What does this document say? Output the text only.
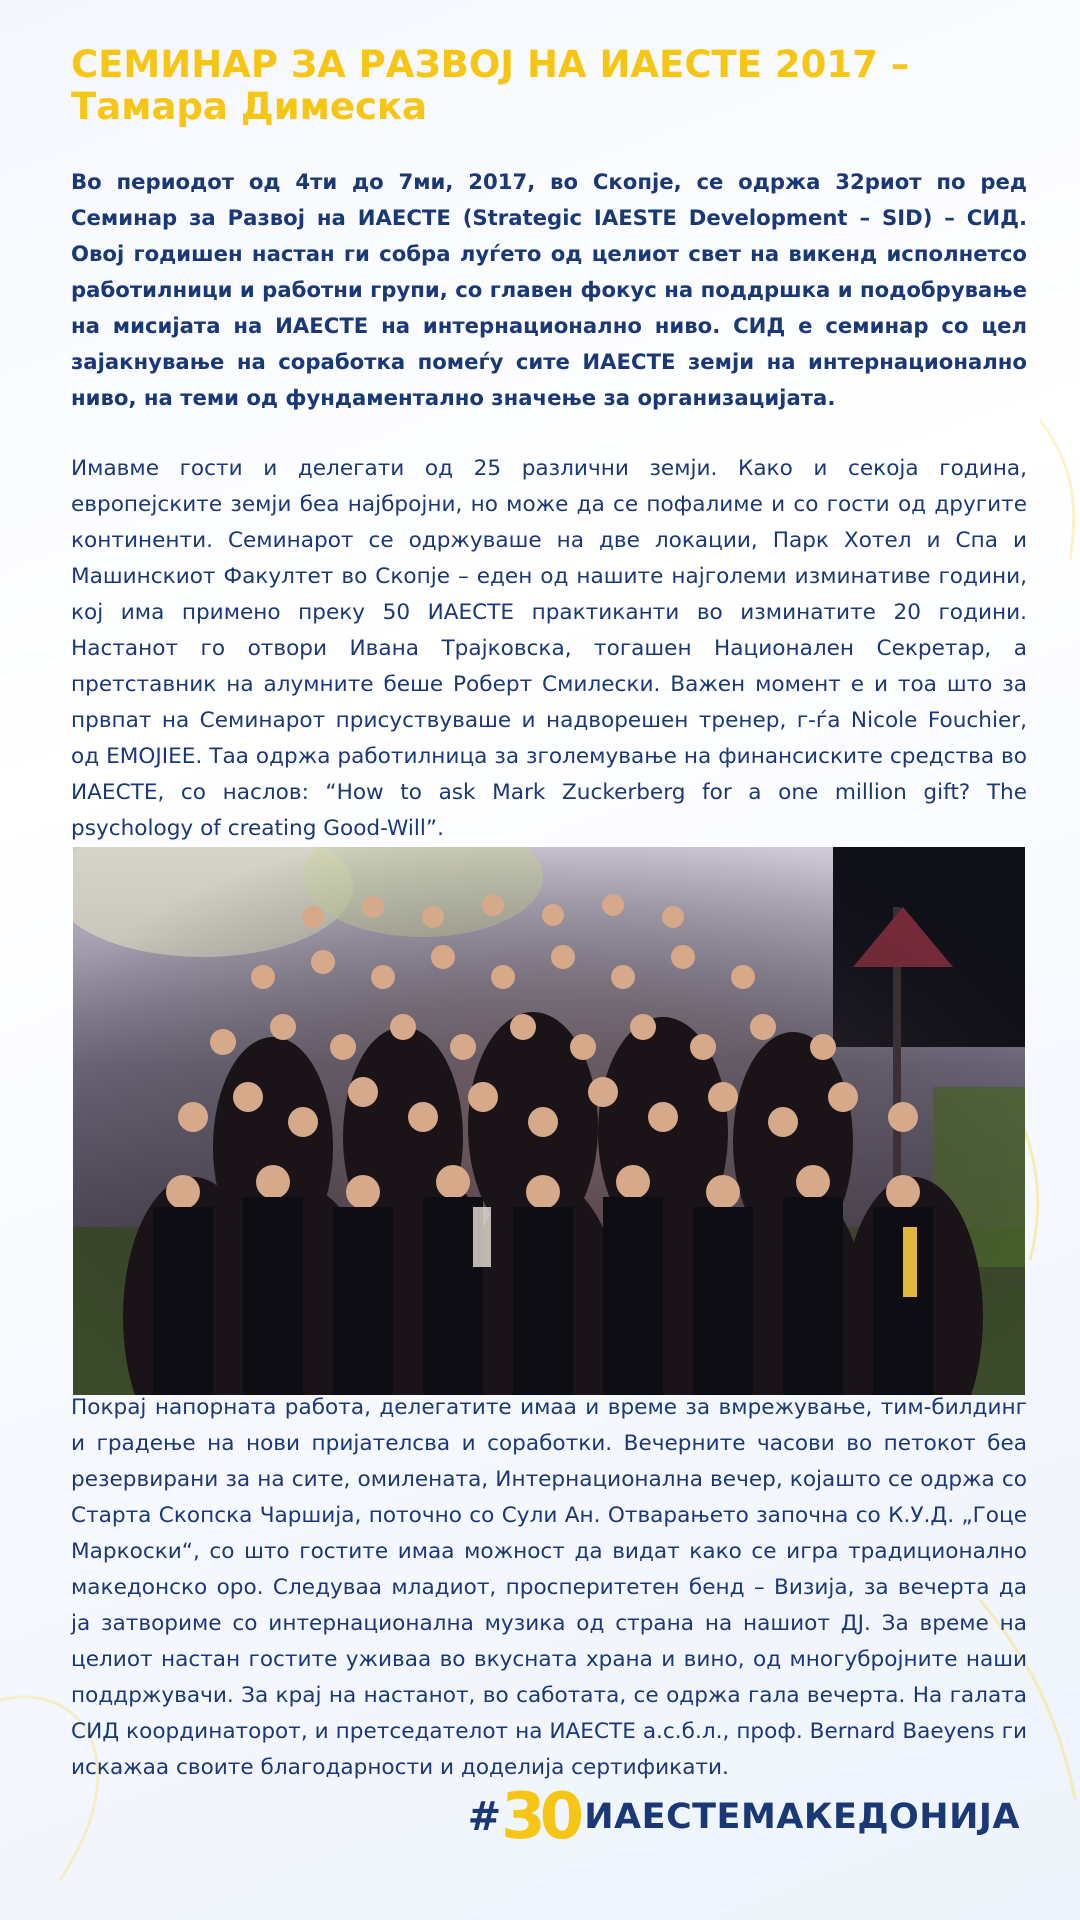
СЕМИНАР ЗА РАЗВОЈ НА ИАЕСТЕ 2017 – Тамара Димеска

Во периодот од 4ти до 7ми, 2017, во Скопје, се одржа 32риот по ред Семинар за Развој на ИАЕСТЕ (Strategic IAESTE Development – SID) – СИД. Овој годишен настан ги собра луѓето од целиот свет на викенд исполнетсо работилници и работни групи, со главен фокус на поддршка и подобрување на мисијата на ИАЕСТЕ на интернационално ниво. СИД е семинар со цел зајакнување на соработка помеѓу сите ИАЕСТЕ земји на интернационално ниво, на теми од фундаментално значење за организацијата.

Имавме гости и делегати од 25 различни земји. Како и секоја година, европејските земји беа најбројни, но може да се пофалиме и со гости од другите континенти. Семинарот се одржуваше на две локации, Парк Хотел и Спа и Машинскиот Факултет во Скопје – еден од нашите најголеми изминативе години, кој има примено преку 50 ИАЕСТЕ практиканти во изминатите 20 години. Настанот го отвори Ивана Трајковска, тогашен Национален Секретар, а претставник на алумните беше Роберт Смилески. Важен момент е и тоа што за првпат на Семинарот присуствуваше и надворешен тренер, г-ѓа Nicole Fouchier, од EMOJIEE. Таа одржа работилница за зголемување на финансиските средства во ИАЕСТЕ, со наслов: “How to ask Mark Zuckerberg for a one million gift? The psychology of creating Good-Will”.

Покрај напорната работа, делегатите имаа и време за вмрежување, тим-билдинг и градење на нови пријателсва и соработки. Вечерните часови во петокот беа резервирани за на сите, омилената, Интернационална вечер, којашто се одржа со Старта Скопска Чаршија, поточно со Сули Ан. Отварањето започна со К.У.Д. „Гоце Маркоски“, со што гостите имаа можност да видат како се игра традиционално македонско оро. Следуваа младиот, просперитетен бенд – Визија, за вечерта да ја затвориме со интернационална музика од страна на нашиот ДЈ. За време на целиот настан гостите уживаа во вкусната храна и вино, од многубројните наши поддржувачи. За крај на настанот, во саботата, се одржа гала вечерта. На галата СИД координаторот, и претседателот на ИАЕСТЕ а.с.б.л., проф. Bernard Baeyens ги искажаа своите благодарности и доделија сертификати.

# 30 ИАЕСТЕМАКЕДОНИЈА
